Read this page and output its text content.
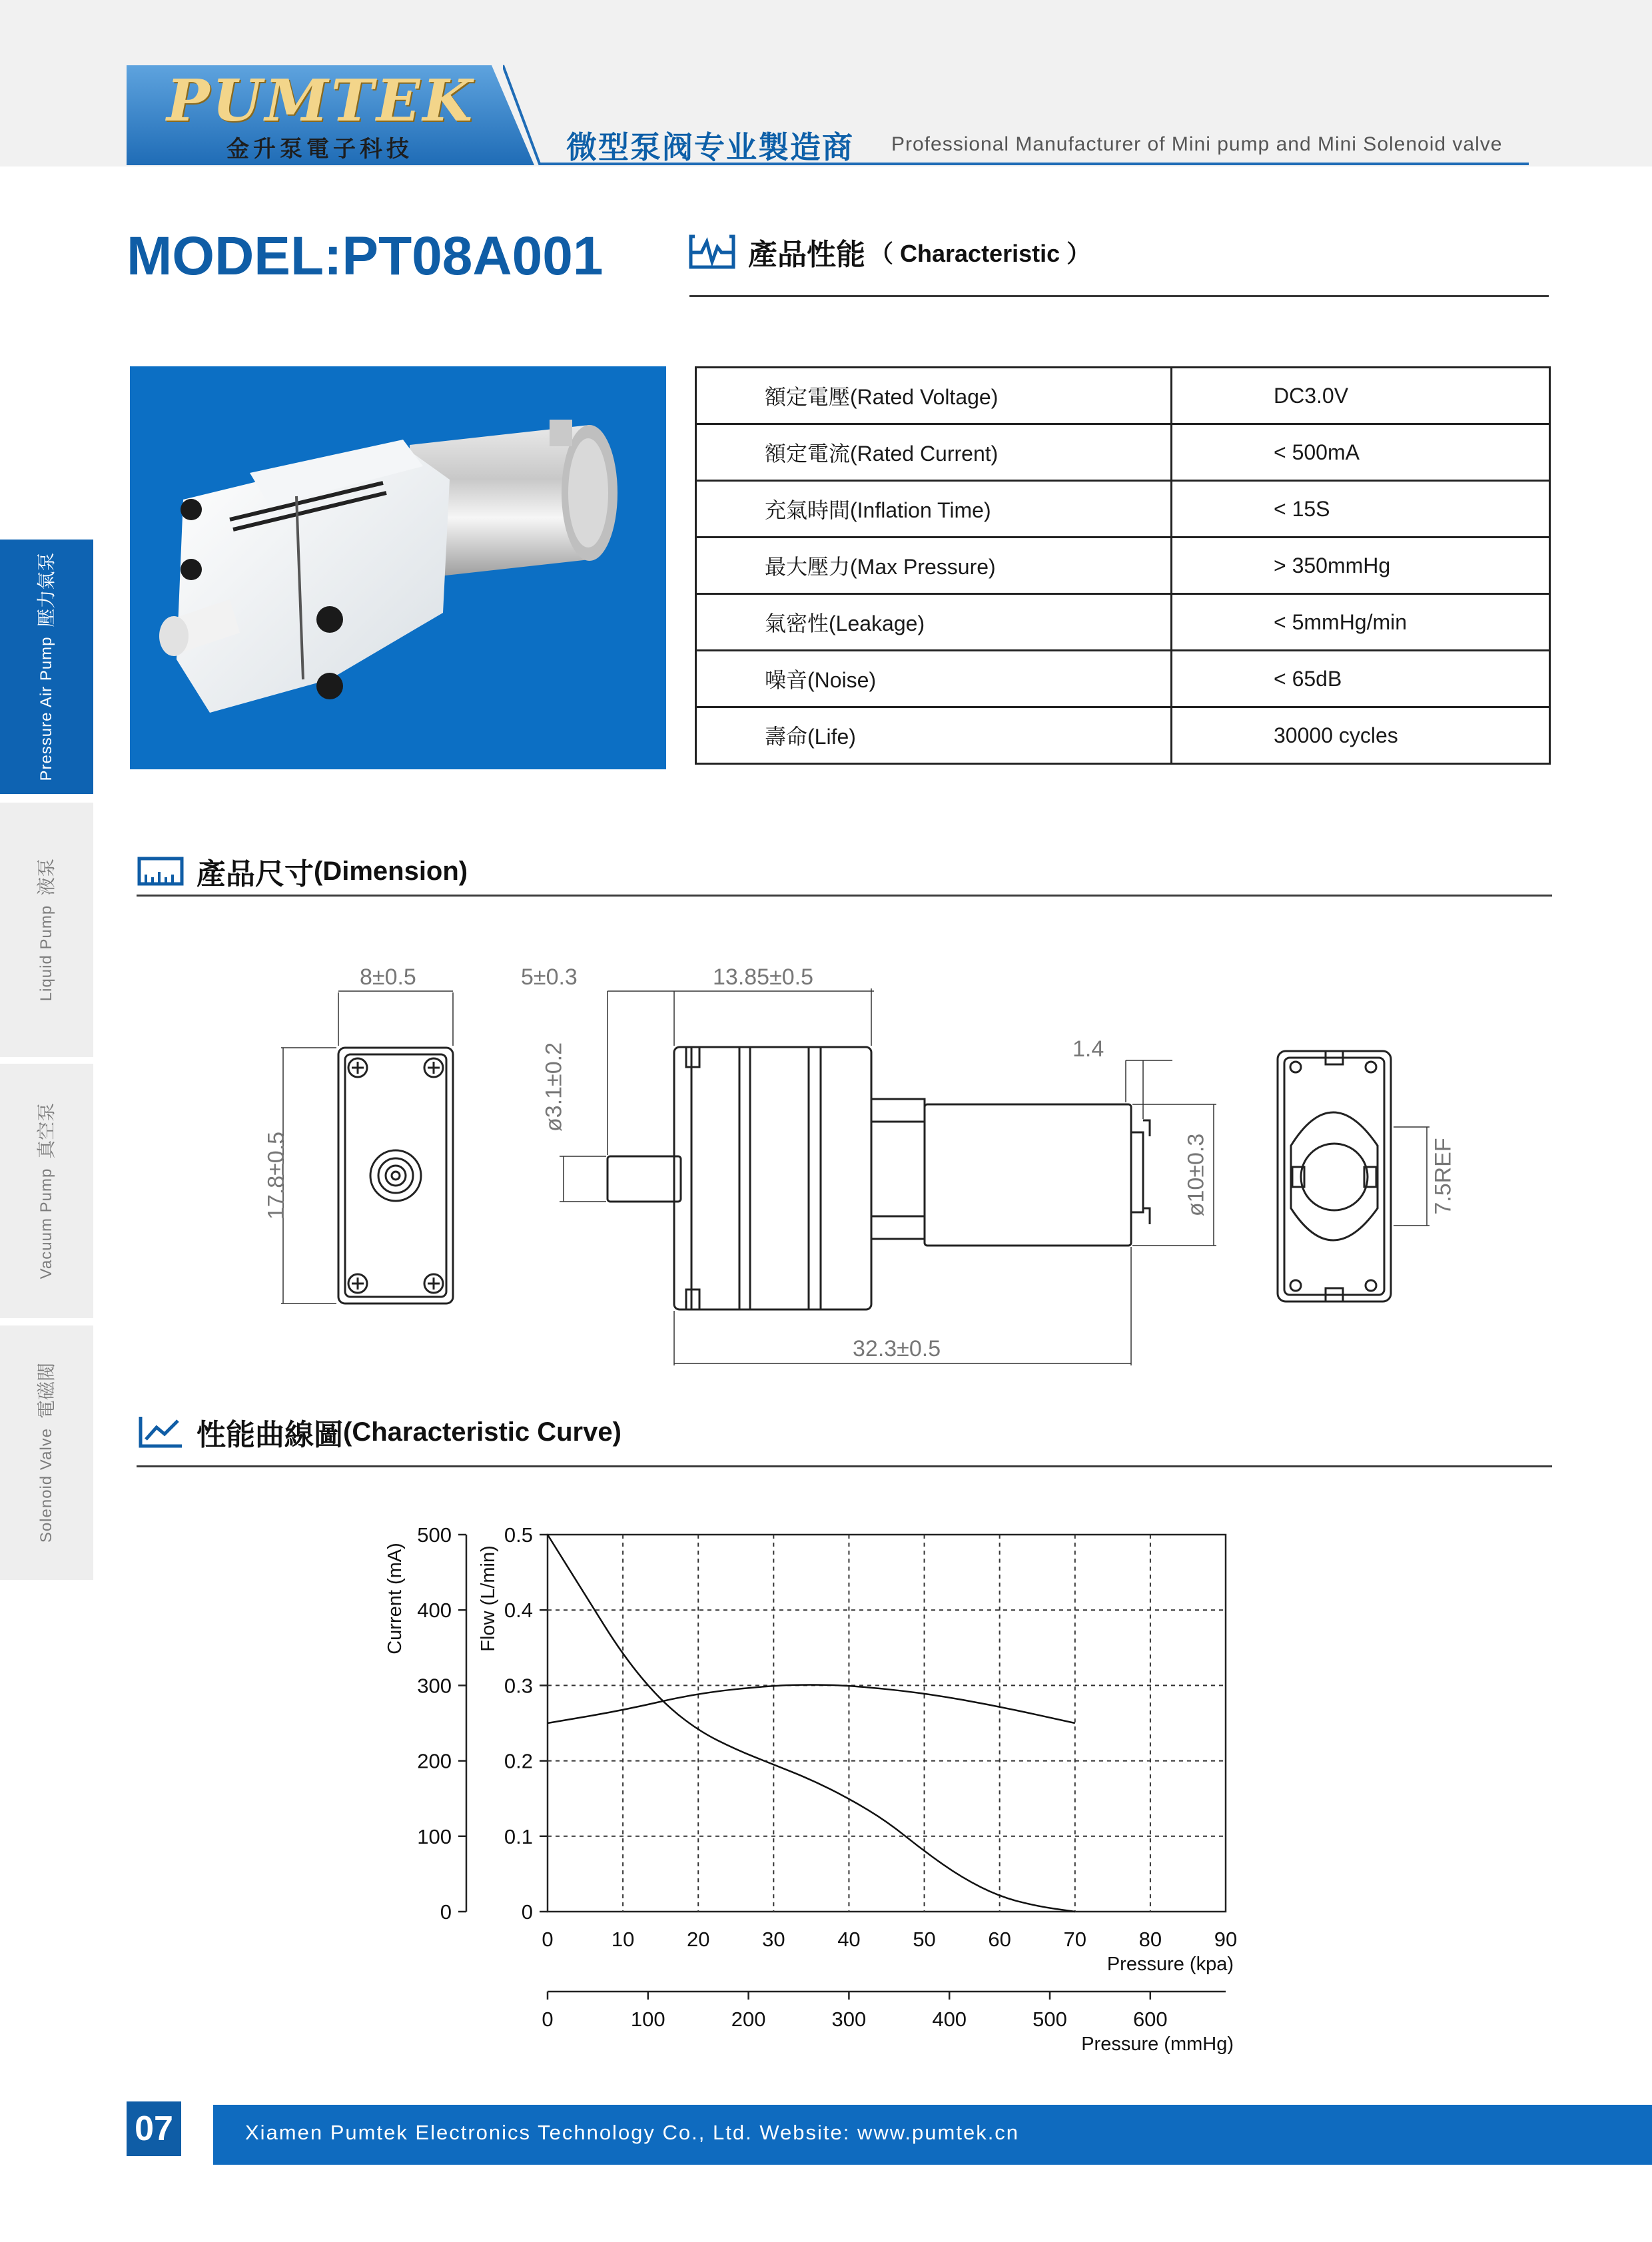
PUMTEK
金升泵電子科技	微型泵阀专业製造商 Professional Manufacturer of Mini pump and Mini Solenoid valve
Pressure Air Pump
壓力氣泵
Liquid Pump
液泵
Vacuum Pump
真空泵
Solenoid Valve
電磁閥
MODEL:PT08A001	產品性能 （ Characteristic ）
額定電壓(Rated Voltage)	DC3.0V
額定電流(Rated Current)	< 500mA
充氣時間(Inflation Time)	< 15S
最大壓力(Max Pressure)	> 350mmHg
氣密性(Leakage)	< 5mmHg/min
噪音(Noise)	< 65dB
壽命(Life)	30000 cycles
產品尺寸 (Dimension)
8±0.5
17.8±0.5
5±0.3	13.85±0.5
ø3.1±0.2	1.4
ø10±0.3	7.5REF
32.3±0.5
性能曲線圖 (Characteristic Curve)
0
100
200
300
400
500
0
0.1
0.2
0.3
0.4
0.5
Current (mA)	Flow (L/min)
0	10	20	30	40	50	60	70	80	90
Pressure (kpa)
0	100	200	300	400	500	600
Pressure (mmHg)
07	Xiamen Pumtek Electronics Technology Co., Ltd. Website: www.pumtek.cn
